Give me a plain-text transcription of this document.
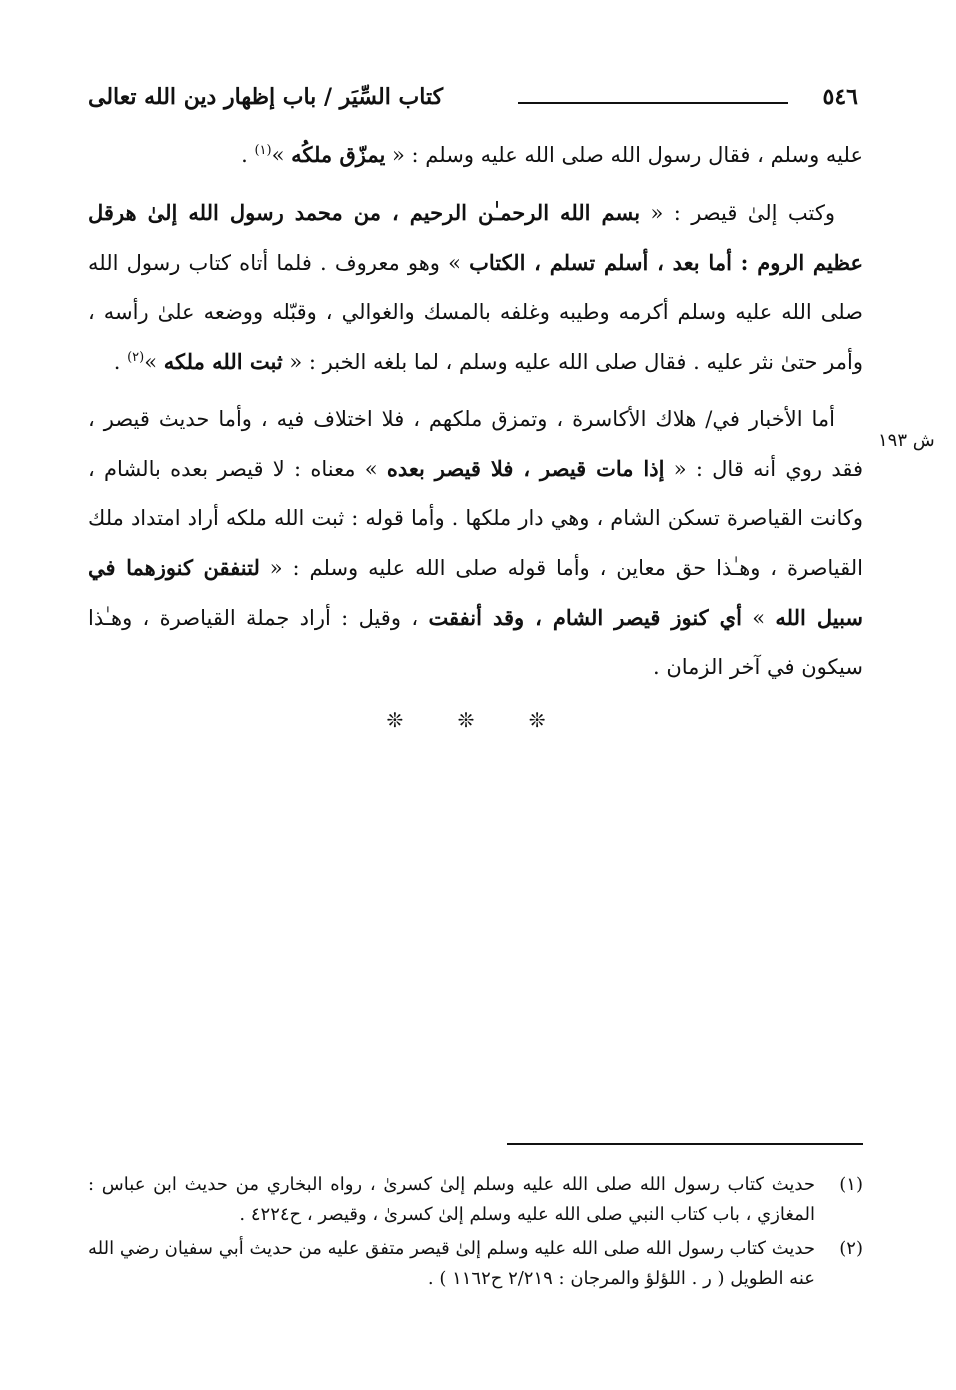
٥٤٦
كتاب السِّيَر / باب إظهار دين الله تعالى
ش ١٩٣

عليه وسلم ، فقال رسول الله صلى الله عليه وسلم : « يمزّق ملكُه »$^{(١)}$ .

وكتب إلىٰ قيصر : « بسم الله الرحمـٰن الرحيم ، من محمد رسول الله إلىٰ هرقل عظيم الروم : أما بعد ، أسلم تسلم ، الكتاب » وهو معروف . فلما أتاه كتاب رسول الله صلى الله عليه وسلم أكرمه وطيبه وغلفه بالمسك والغوالي ، وقبّله ووضعه علىٰ رأسه ، وأمر حتىٰ نثر عليه . فقال صلى الله عليه وسلم ، لما بلغه الخبر : « ثبت الله ملكه »$^{(٢)}$ .

أما الأخبار في/ هلاك الأكاسرة ، وتمزق ملكهم ، فلا اختلاف فيه ، وأما حديث قيصر ، فقد روي أنه قال : « إذا مات قيصر ، فلا قيصر بعده » معناه : لا قيصر بعده بالشام ، وكانت القياصرة تسكن الشام ، وهي دار ملكها . وأما قوله : ثبت الله ملكه أراد امتداد ملك القياصرة ، وهـٰذا حق معاين ، وأما قوله صلى الله عليه وسلم : « لتنفقن كنوزهما في سبيل الله » أي كنوز قيصر الشام ، وقد أنفقت ، وقيل : أراد جملة القياصرة ، وهـٰذا سيكون في آخر الزمان .

❊ ❊ ❊
(١)
حديث كتاب رسول الله صلى الله عليه وسلم إلىٰ كسرىٰ ، رواه البخاري من حديث ابن عباس : المغازي ، باب كتاب النبي صلى الله عليه وسلم إلىٰ كسرىٰ ، وقيصر ، ح٤٢٢٤ .
(٢)
حديث كتاب رسول الله صلى الله عليه وسلم إلىٰ قيصر متفق عليه من حديث أبي سفيان رضي الله عنه الطويل ( ر . اللؤلؤ والمرجان : ٢/٢١٩ ح١١٦٢ ) .
